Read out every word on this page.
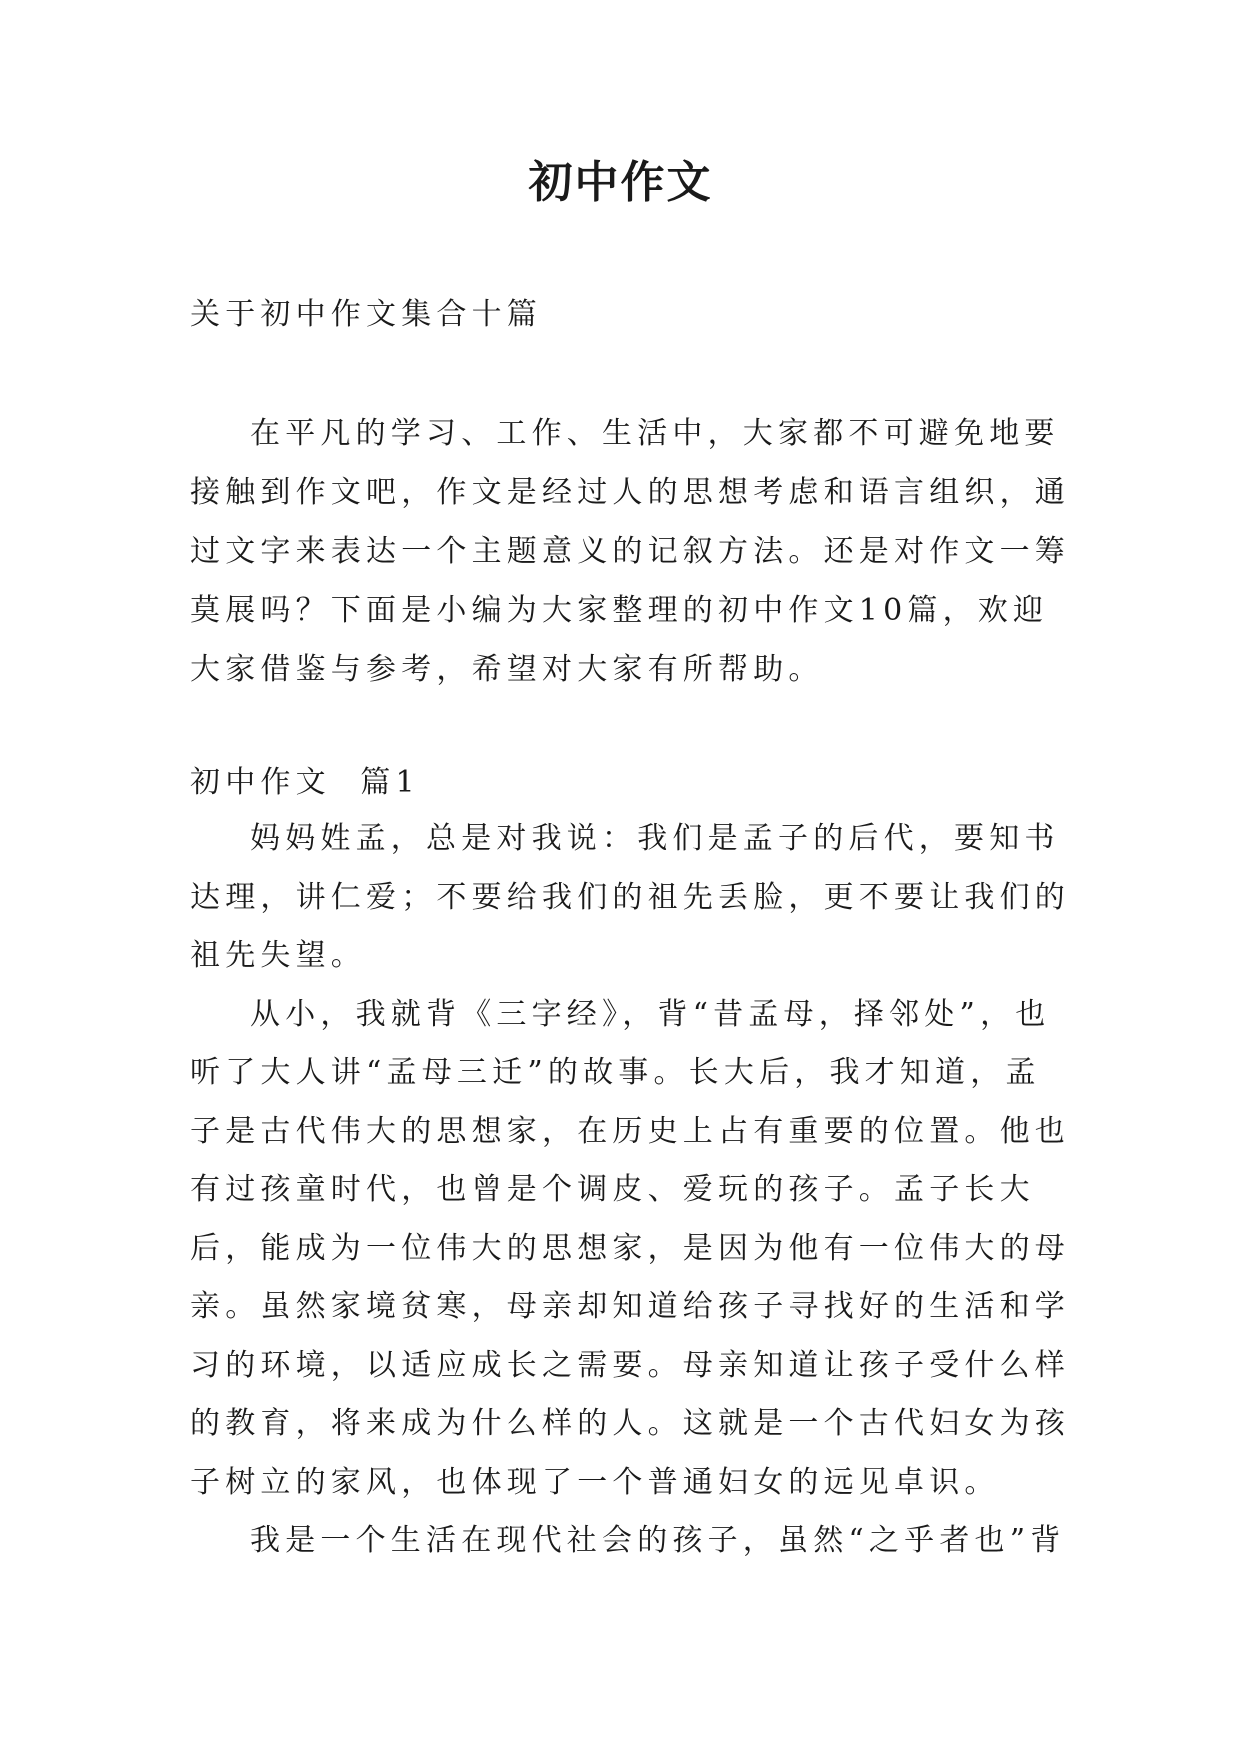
初中作文
关于初中作文集合十篇

在平凡的学习、工作、生活中，大家都不可避免地要接触到作文吧，作文是经过人的思想考虑和语言组织，通过文字来表达一个主题意义的记叙方法。还是对作文一筹莫展吗？下面是小编为大家整理的初中作文10篇，欢迎大家借鉴与参考，希望对大家有所帮助。

初中作文  篇1

妈妈姓孟，总是对我说：我们是孟子的后代，要知书达理，讲仁爱；不要给我们的祖先丢脸，更不要让我们的祖先失望。

从小，我就背《三字经》，背“昔孟母，择邻处”，也听了大人讲“孟母三迁”的故事。长大后，我才知道，孟子是古代伟大的思想家，在历史上占有重要的位置。他也有过孩童时代，也曾是个调皮、爱玩的孩子。孟子长大后，能成为一位伟大的思想家，是因为他有一位伟大的母亲。虽然家境贫寒，母亲却知道给孩子寻找好的生活和学习的环境，以适应成长之需要。母亲知道让孩子受什么样的教育，将来成为什么样的人。这就是一个古代妇女为孩子树立的家风，也体现了一个普通妇女的远见卓识。

我是一个生活在现代社会的孩子，虽然“之乎者也”背
